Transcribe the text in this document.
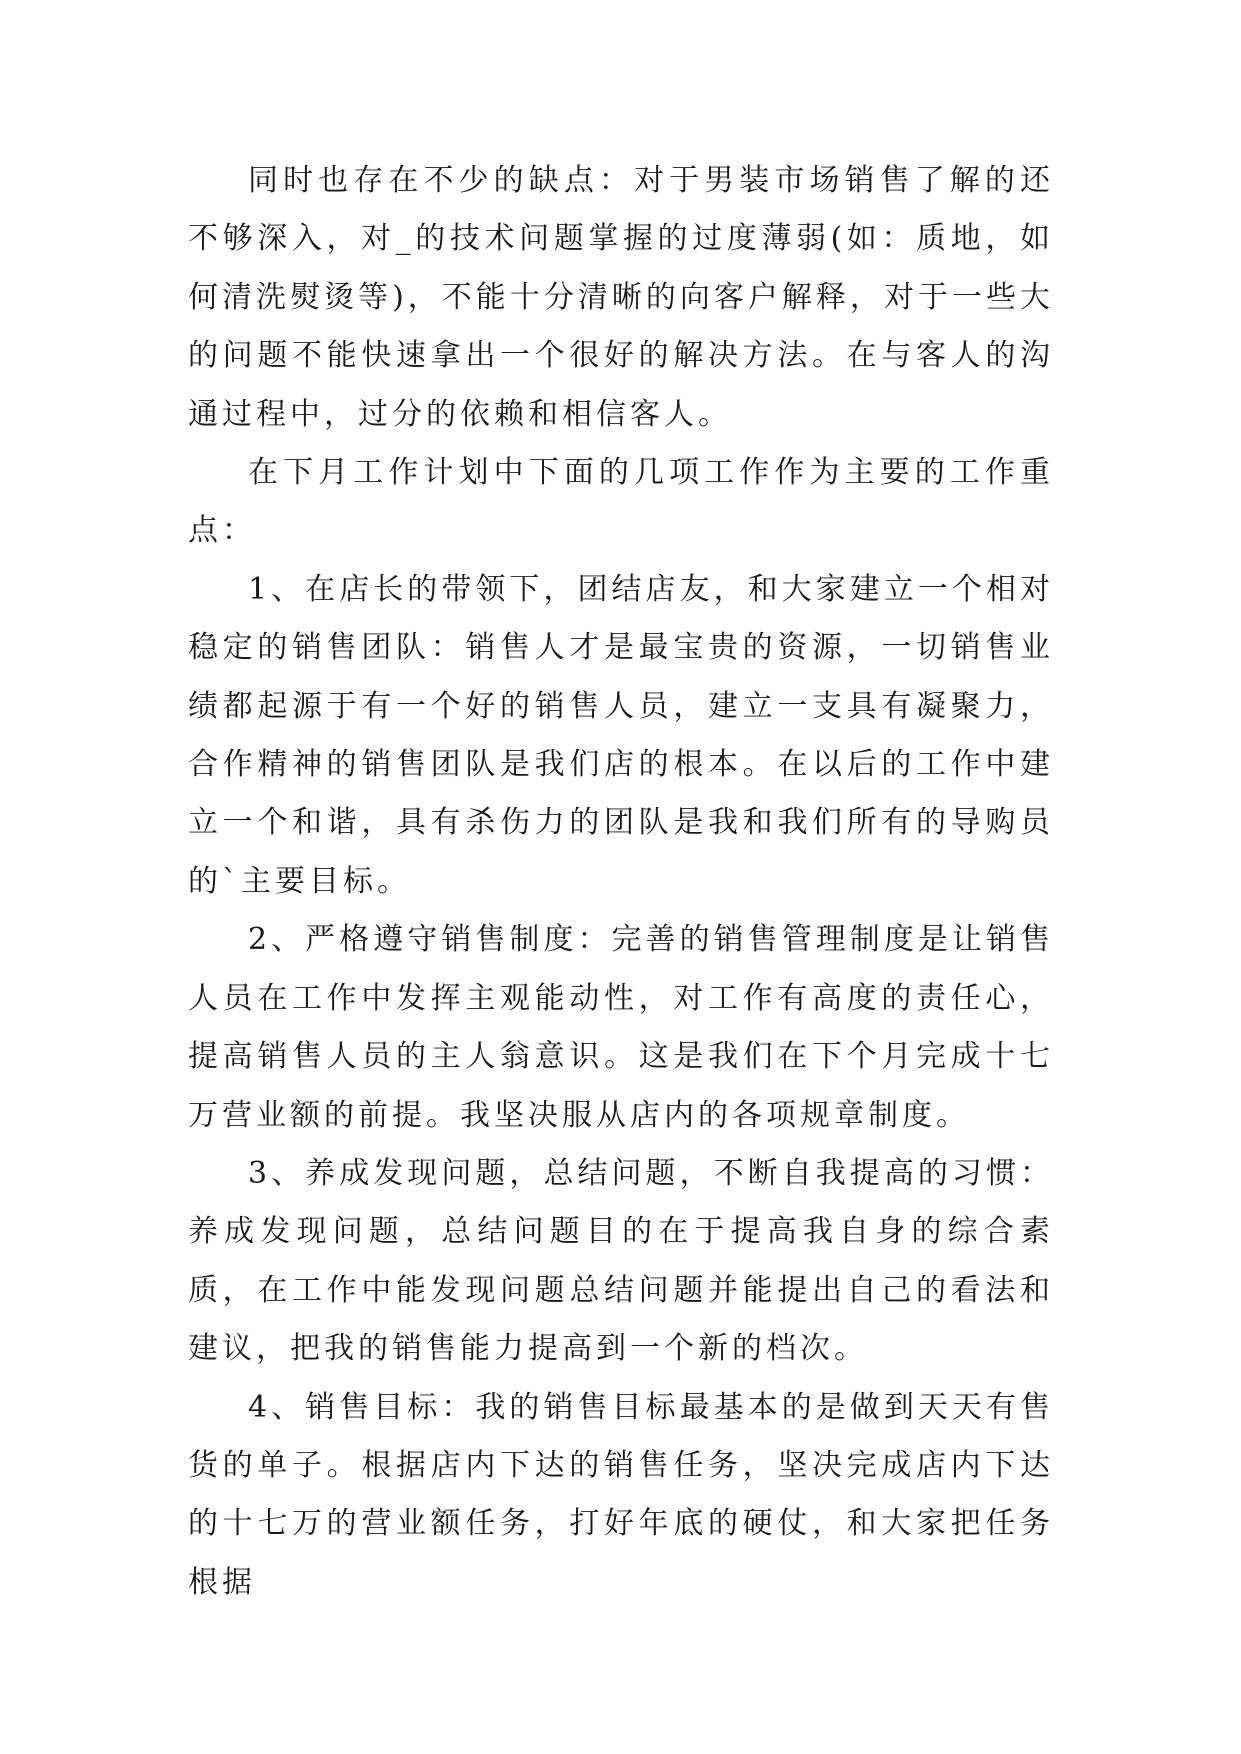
同时也存在不少的缺点：对于男装市场销售了解的还不够深入，对_的技术问题掌握的过度薄弱(如：质地，如何清洗熨烫等)，不能十分清晰的向客户解释，对于一些大的问题不能快速拿出一个很好的解决方法。在与客人的沟通过程中，过分的依赖和相信客人。

在下月工作计划中下面的几项工作作为主要的工作重点：

1、在店长的带领下，团结店友，和大家建立一个相对稳定的销售团队：销售人才是最宝贵的资源，一切销售业绩都起源于有一个好的销售人员，建立一支具有凝聚力，合作精神的销售团队是我们店的根本。在以后的工作中建立一个和谐，具有杀伤力的团队是我和我们所有的导购员的`主要目标。

2、严格遵守销售制度：完善的销售管理制度是让销售人员在工作中发挥主观能动性，对工作有高度的责任心，提高销售人员的主人翁意识。这是我们在下个月完成十七万营业额的前提。我坚决服从店内的各项规章制度。

3、养成发现问题，总结问题，不断自我提高的习惯：养成发现问题，总结问题目的在于提高我自身的综合素质，在工作中能发现问题总结问题并能提出自己的看法和建议，把我的销售能力提高到一个新的档次。

4、销售目标：我的销售目标最基本的是做到天天有售货的单子。根据店内下达的销售任务，坚决完成店内下达的十七万的营业额任务，打好年底的硬仗，和大家把任务根据
